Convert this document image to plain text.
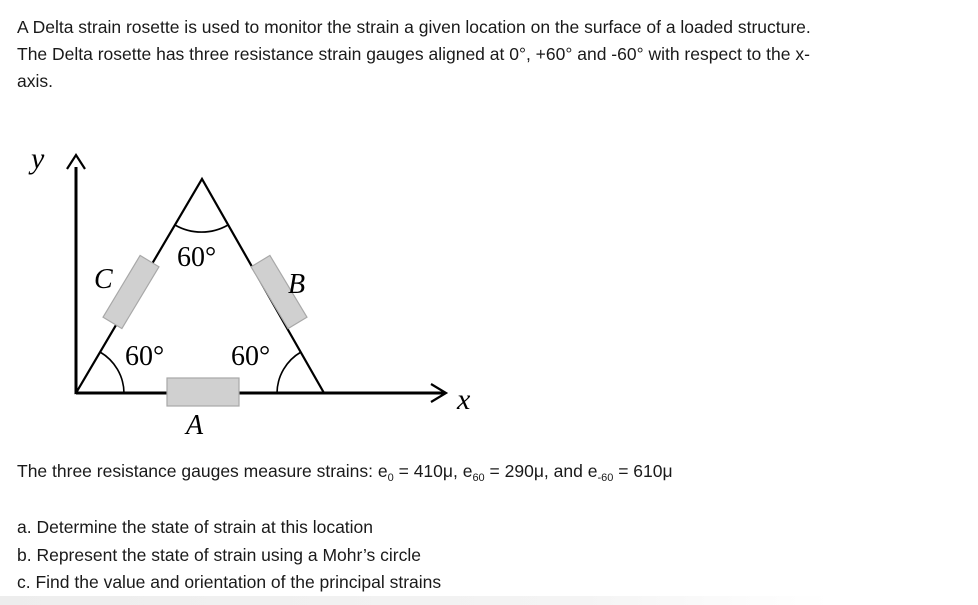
A Delta strain rosette is used to monitor the strain a given location on the surface of a loaded structure. The Delta rosette has three resistance strain gauges aligned at 0°, +60° and -60° with respect to the x-axis.

y
x
A
B
C
60°
60° 60°

The three resistance gauges measure strains: $e_0 = 410\mu$, $e_{60} = 290\mu$, and $e_{-60} = 610\mu$

a. Determine the state of strain at this location
b. Represent the state of strain using a Mohr’s circle
c. Find the value and orientation of the principal strains
